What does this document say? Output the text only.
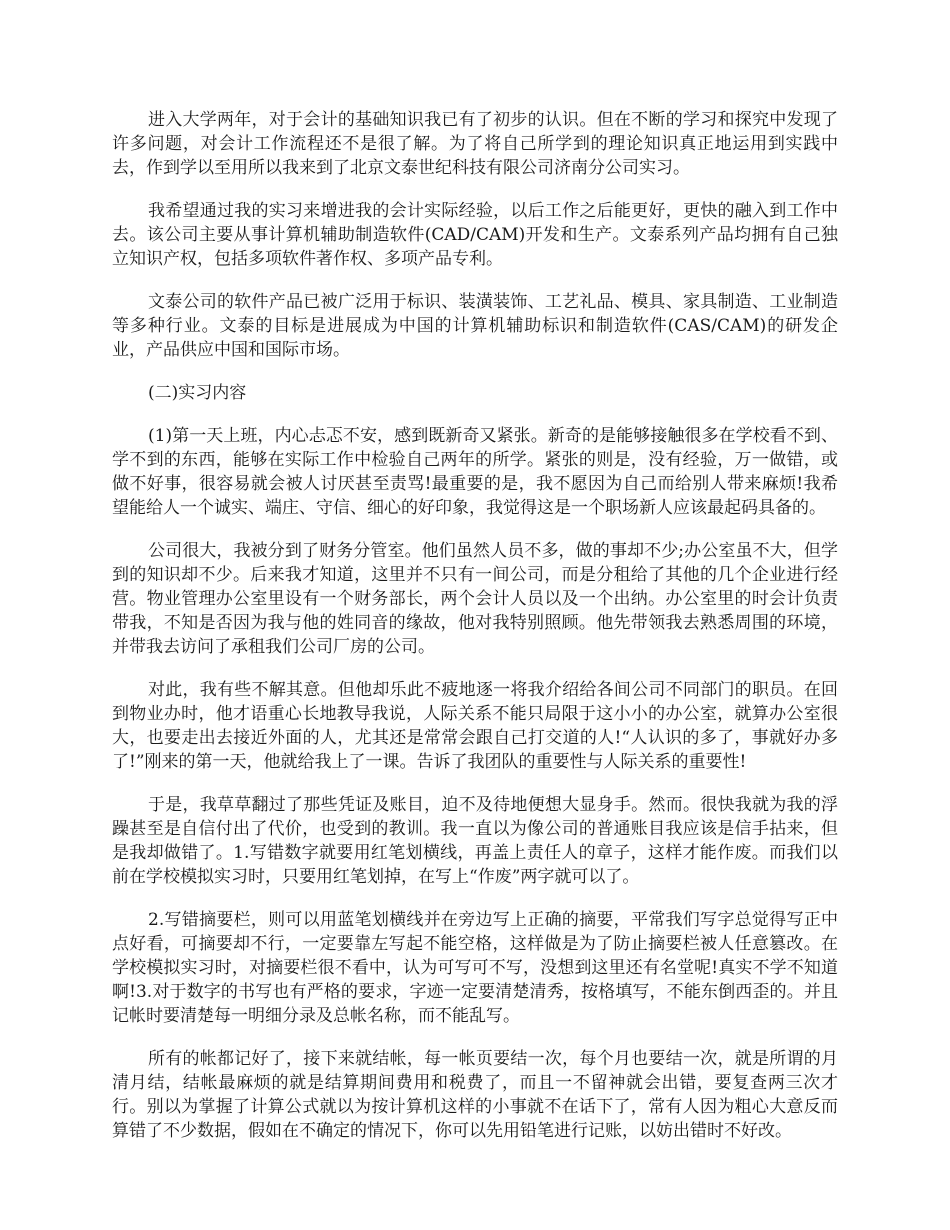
进入大学两年，对于会计的基础知识我已有了初步的认识。但在不断的学习和探究中发现了许多问题，对会计工作流程还不是很了解。为了将自己所学到的理论知识真正地运用到实践中去，作到学以至用所以我来到了北京文泰世纪科技有限公司济南分公司实习。

我希望通过我的实习来增进我的会计实际经验，以后工作之后能更好，更快的融入到工作中去。该公司主要从事计算机辅助制造软件(CAD/CAM)开发和生产。文泰系列产品均拥有自己独立知识产权，包括多项软件著作权、多项产品专利。

文泰公司的软件产品已被广泛用于标识、装潢装饰、工艺礼品、模具、家具制造、工业制造等多种行业。文泰的目标是进展成为中国的计算机辅助标识和制造软件(CAS/CAM)的研发企业，产品供应中国和国际市场。

(二)实习内容

(1)第一天上班，内心忐忑不安，感到既新奇又紧张。新奇的是能够接触很多在学校看不到、学不到的东西，能够在实际工作中检验自己两年的所学。紧张的则是，没有经验，万一做错，或做不好事，很容易就会被人讨厌甚至责骂!最重要的是，我不愿因为自己而给别人带来麻烦!我希望能给人一个诚实、端庄、守信、细心的好印象，我觉得这是一个职场新人应该最起码具备的。

公司很大，我被分到了财务分管室。他们虽然人员不多，做的事却不少;办公室虽不大，但学到的知识却不少。后来我才知道，这里并不只有一间公司，而是分租给了其他的几个企业进行经营。物业管理办公室里设有一个财务部长，两个会计人员以及一个出纳。办公室里的时会计负责带我，不知是否因为我与他的姓同音的缘故，他对我特别照顾。他先带领我去熟悉周围的环境，并带我去访问了承租我们公司厂房的公司。

对此，我有些不解其意。但他却乐此不疲地逐一将我介绍给各间公司不同部门的职员。在回到物业办时，他才语重心长地教导我说，人际关系不能只局限于这小小的办公室，就算办公室很大，也要走出去接近外面的人，尤其还是常常会跟自己打交道的人!“人认识的多了，事就好办多了!”刚来的第一天，他就给我上了一课。告诉了我团队的重要性与人际关系的重要性!

于是，我草草翻过了那些凭证及账目，迫不及待地便想大显身手。然而。很快我就为我的浮躁甚至是自信付出了代价，也受到的教训。我一直以为像公司的普通账目我应该是信手拈来，但是我却做错了。1.写错数字就要用红笔划横线，再盖上责任人的章子，这样才能作废。而我们以前在学校模拟实习时，只要用红笔划掉，在写上“作废”两字就可以了。

2.写错摘要栏，则可以用蓝笔划横线并在旁边写上正确的摘要，平常我们写字总觉得写正中点好看，可摘要却不行，一定要靠左写起不能空格，这样做是为了防止摘要栏被人任意篡改。在学校模拟实习时，对摘要栏很不看中，认为可写可不写，没想到这里还有名堂呢!真实不学不知道啊!3.对于数字的书写也有严格的要求，字迹一定要清楚清秀，按格填写，不能东倒西歪的。并且记帐时要清楚每一明细分录及总帐名称，而不能乱写。

所有的帐都记好了，接下来就结帐，每一帐页要结一次，每个月也要结一次，就是所谓的月清月结，结帐最麻烦的就是结算期间费用和税费了，而且一不留神就会出错，要复查两三次才行。别以为掌握了计算公式就以为按计算机这样的小事就不在话下了，常有人因为粗心大意反而算错了不少数据，假如在不确定的情况下，你可以先用铅笔进行记账，以妨出错时不好改。
